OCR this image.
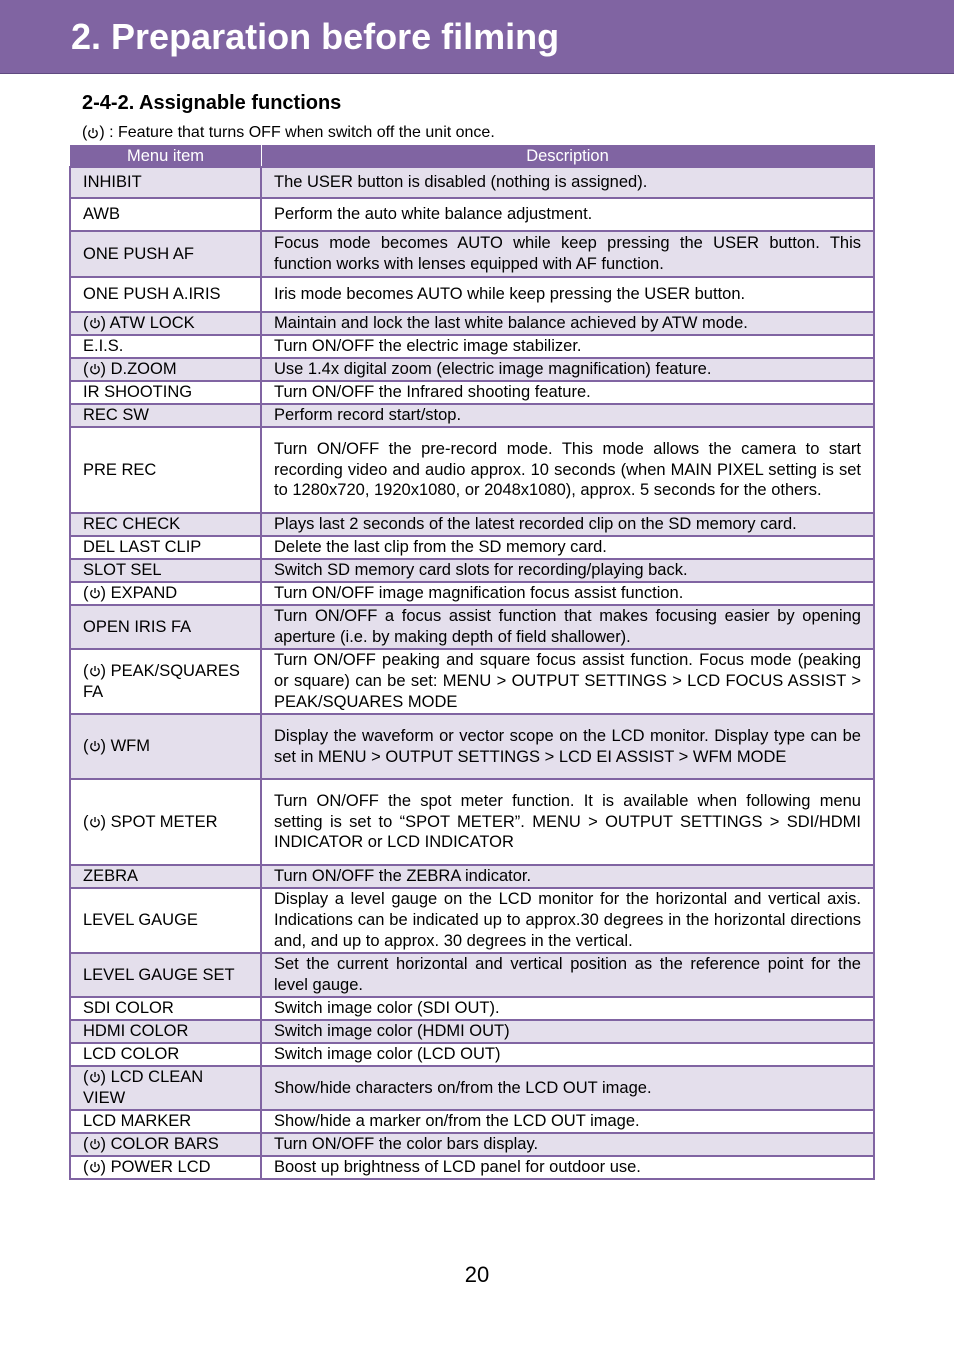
2. Preparation before filming
2-4-2. Assignable functions
( ) : Feature that turns OFF when switch off the unit once.
Menu item	Description
INHIBIT	The USER button is disabled (nothing is assigned).
AWB	Perform the auto white balance adjustment.
ONE PUSH AF	Focus mode becomes AUTO while keep pressing the USER button. This function works with lenses equipped with AF function.
ONE PUSH A.IRIS	Iris mode becomes AUTO while keep pressing the USER button.
( ) ATW LOCK	Maintain and lock the last white balance achieved by ATW mode.
E.I.S.	Turn ON/OFF the electric image stabilizer.
( ) D.ZOOM	Use 1.4x digital zoom (electric image magnification) feature.
IR SHOOTING	Turn ON/OFF the Infrared shooting feature.
REC SW	Perform record start/stop.
PRE REC	Turn ON/OFF the pre-record mode. This mode allows the camera to start recording video and audio approx. 10 seconds (when MAIN PIXEL setting is set to 1280x720, 1920x1080, or 2048x1080), approx. 5 seconds for the others.
REC CHECK	Plays last 2 seconds of the latest recorded clip on the SD memory card.
DEL LAST CLIP	Delete the last clip from the SD memory card.
SLOT SEL	Switch SD memory card slots for recording/playing back.
( ) EXPAND	Turn ON/OFF image magnification focus assist function.
OPEN IRIS FA	Turn ON/OFF a focus assist function that makes focusing easier by opening aperture (i.e. by making depth of field shallower).
( ) PEAK/SQUARES FA	Turn ON/OFF peaking and square focus assist function. Focus mode (peaking or square) can be set: MENU > OUTPUT SETTINGS > LCD FOCUS ASSIST > PEAK/SQUARES MODE
( ) WFM	Display the waveform or vector scope on the LCD monitor. Display type can be set in MENU > OUTPUT SETTINGS > LCD EI ASSIST > WFM MODE
( ) SPOT METER	Turn ON/OFF the spot meter function. It is available when following menu setting is set to “SPOT METER”. MENU > OUTPUT SETTINGS > SDI/HDMI INDICATOR or LCD INDICATOR
ZEBRA	Turn ON/OFF the ZEBRA indicator.
LEVEL GAUGE	Display a level gauge on the LCD monitor for the horizontal and vertical axis. Indications can be indicated up to approx.30 degrees in the horizontal directions and, and up to approx. 30 degrees in the vertical.
LEVEL GAUGE SET	Set the current horizontal and vertical position as the reference point for the level gauge.
SDI COLOR	Switch image color (SDI OUT).
HDMI COLOR	Switch image color (HDMI OUT)
LCD COLOR	Switch image color (LCD OUT)
( ) LCD CLEAN VIEW	Show/hide characters on/from the LCD OUT image.
LCD MARKER	Show/hide a marker on/from the LCD OUT image.
( ) COLOR BARS	Turn ON/OFF the color bars display.
( ) POWER LCD	Boost up brightness of LCD panel for outdoor use.
20
